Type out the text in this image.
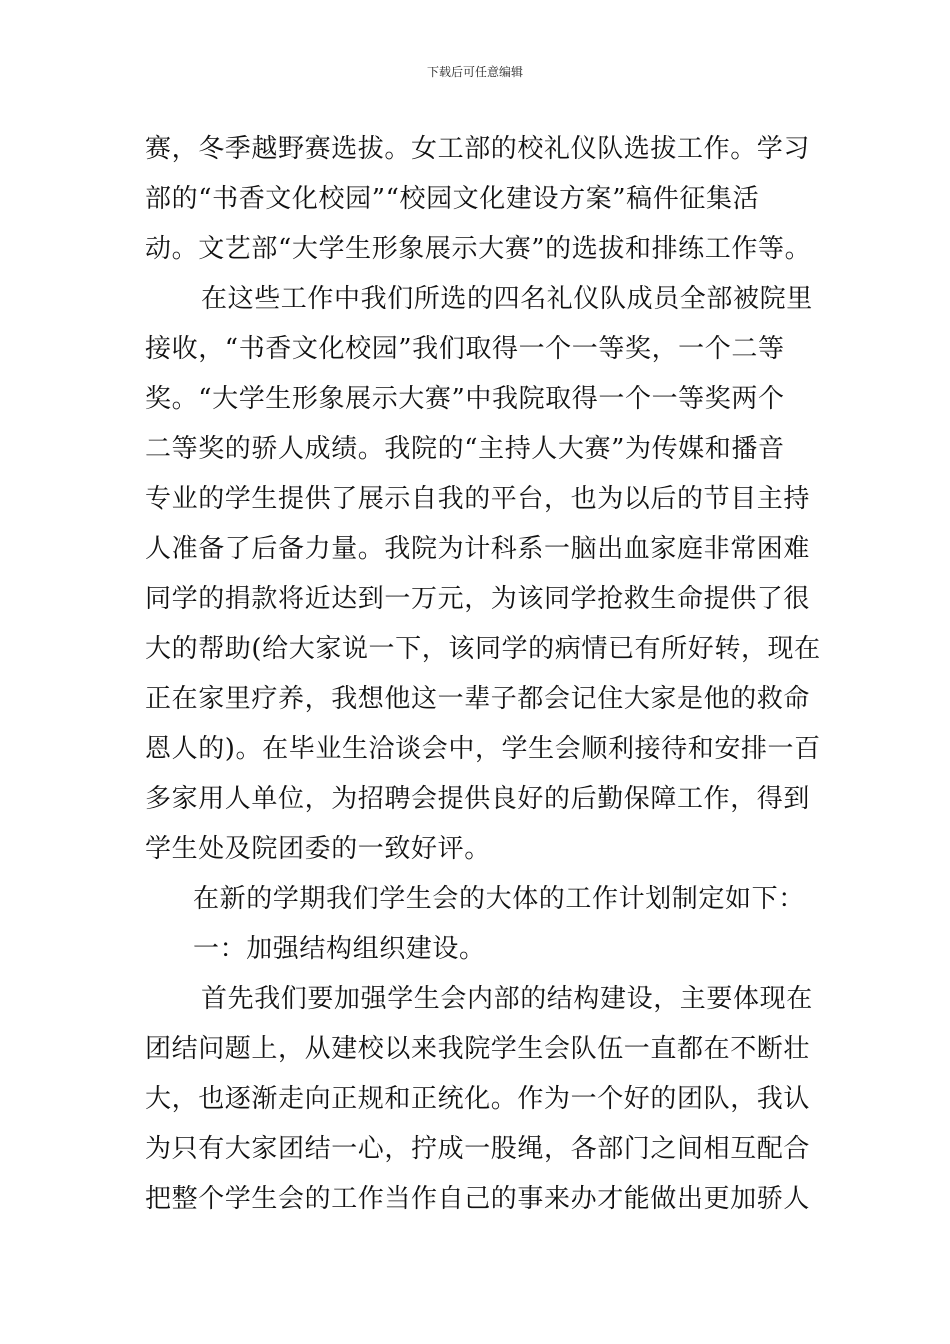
下载后可任意编辑
赛，冬季越野赛选拔。女工部的校礼仪队选拔工作。学习
部的“书香文化校园”“校园文化建设方案”稿件征集活
动。文艺部“大学生形象展示大赛”的选拔和排练工作等。
在这些工作中我们所选的四名礼仪队成员全部被院里
接收，“书香文化校园”我们取得一个一等奖，一个二等
奖。“大学生形象展示大赛”中我院取得一个一等奖两个
二等奖的骄人成绩。我院的“主持人大赛”为传媒和播音
专业的学生提供了展示自我的平台，也为以后的节目主持
人准备了后备力量。我院为计科系一脑出血家庭非常困难
同学的捐款将近达到一万元，为该同学抢救生命提供了很
大的帮助(给大家说一下，该同学的病情已有所好转，现在
正在家里疗养，我想他这一辈子都会记住大家是他的救命
恩人的)。在毕业生洽谈会中，学生会顺利接待和安排一百
多家用人单位，为招聘会提供良好的后勤保障工作，得到
学生处及院团委的一致好评。
在新的学期我们学生会的大体的工作计划制定如下：
一：加强结构组织建设。
首先我们要加强学生会内部的结构建设，主要体现在
团结问题上，从建校以来我院学生会队伍一直都在不断壮
大，也逐渐走向正规和正统化。作为一个好的团队，我认
为只有大家团结一心，拧成一股绳，各部门之间相互配合
把整个学生会的工作当作自己的事来办才能做出更加骄人
